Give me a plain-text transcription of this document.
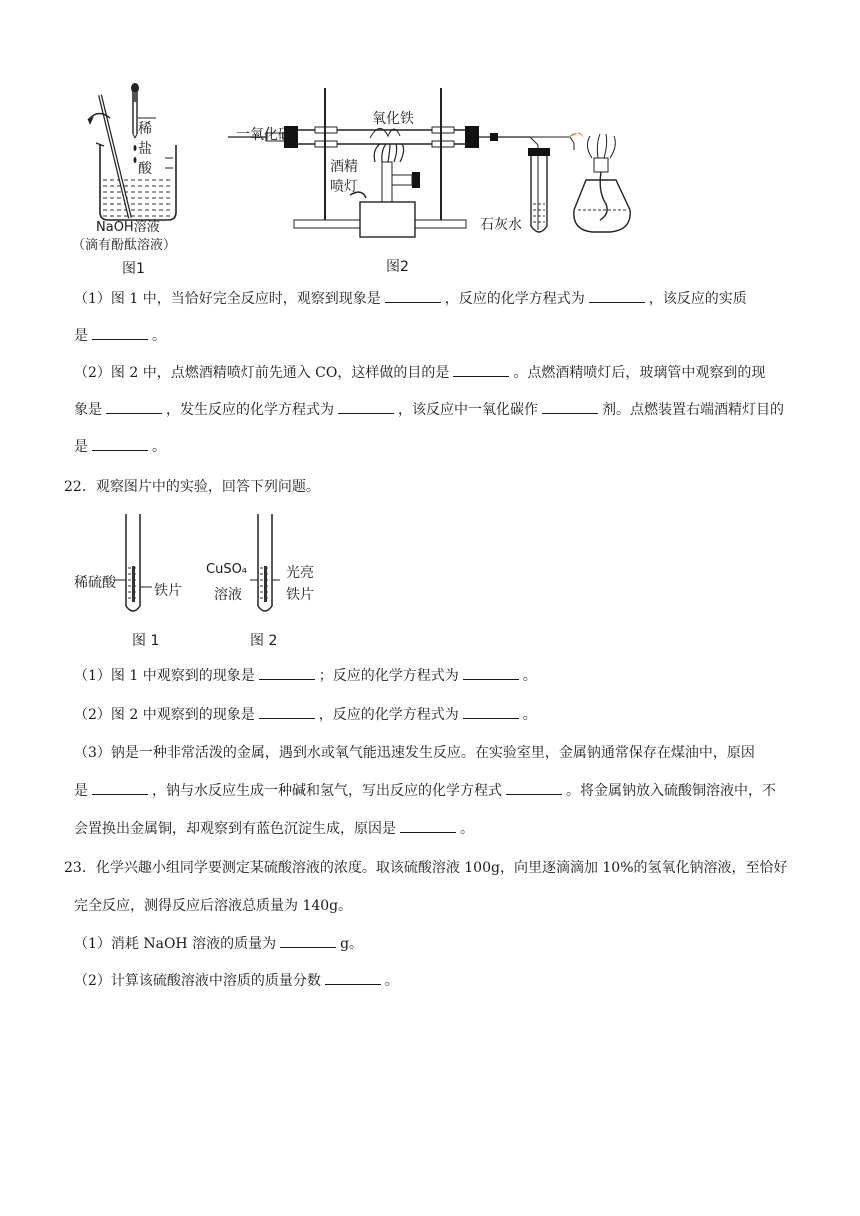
稀盐酸
NaOH溶液
（滴有酚酞溶液）
图1
一氧化碳
氧化铁
酒精
喷灯
石灰水
图2
（1）图 1 中，当恰好完全反应时，观察到现象是	，反应的化学方程式为	，该反应的实质
是	。
（2）图 2 中，点燃酒精喷灯前先通入 CO，这样做的目的是	。点燃酒精喷灯后，玻璃管中观察到的现
象是	，发生反应的化学方程式为	，该反应中一氧化碳作	剂。点燃装置右端酒精灯目的
是	。
22．观察图片中的实验，回答下列问题。
稀硫酸	铁片
图 1
CuSO₄
溶液
光亮
铁片
图 2
（1）图 1 中观察到的现象是	；反应的化学方程式为	。
（2）图 2 中观察到的现象是	，反应的化学方程式为	。
（3）钠是一种非常活泼的金属，遇到水或氧气能迅速发生反应。在实验室里，金属钠通常保存在煤油中，原因
是	，钠与水反应生成一种碱和氢气，写出反应的化学方程式	。将金属钠放入硫酸铜溶液中，不
会置换出金属铜，却观察到有蓝色沉淀生成，原因是	。
23．化学兴趣小组同学要测定某硫酸溶液的浓度。取该硫酸溶液 100g，向里逐滴滴加 10%的氢氧化钠溶液，至恰好
完全反应，测得反应后溶液总质量为 140g。
（1）消耗 NaOH 溶液的质量为	g。
（2）计算该硫酸溶液中溶质的质量分数	。
